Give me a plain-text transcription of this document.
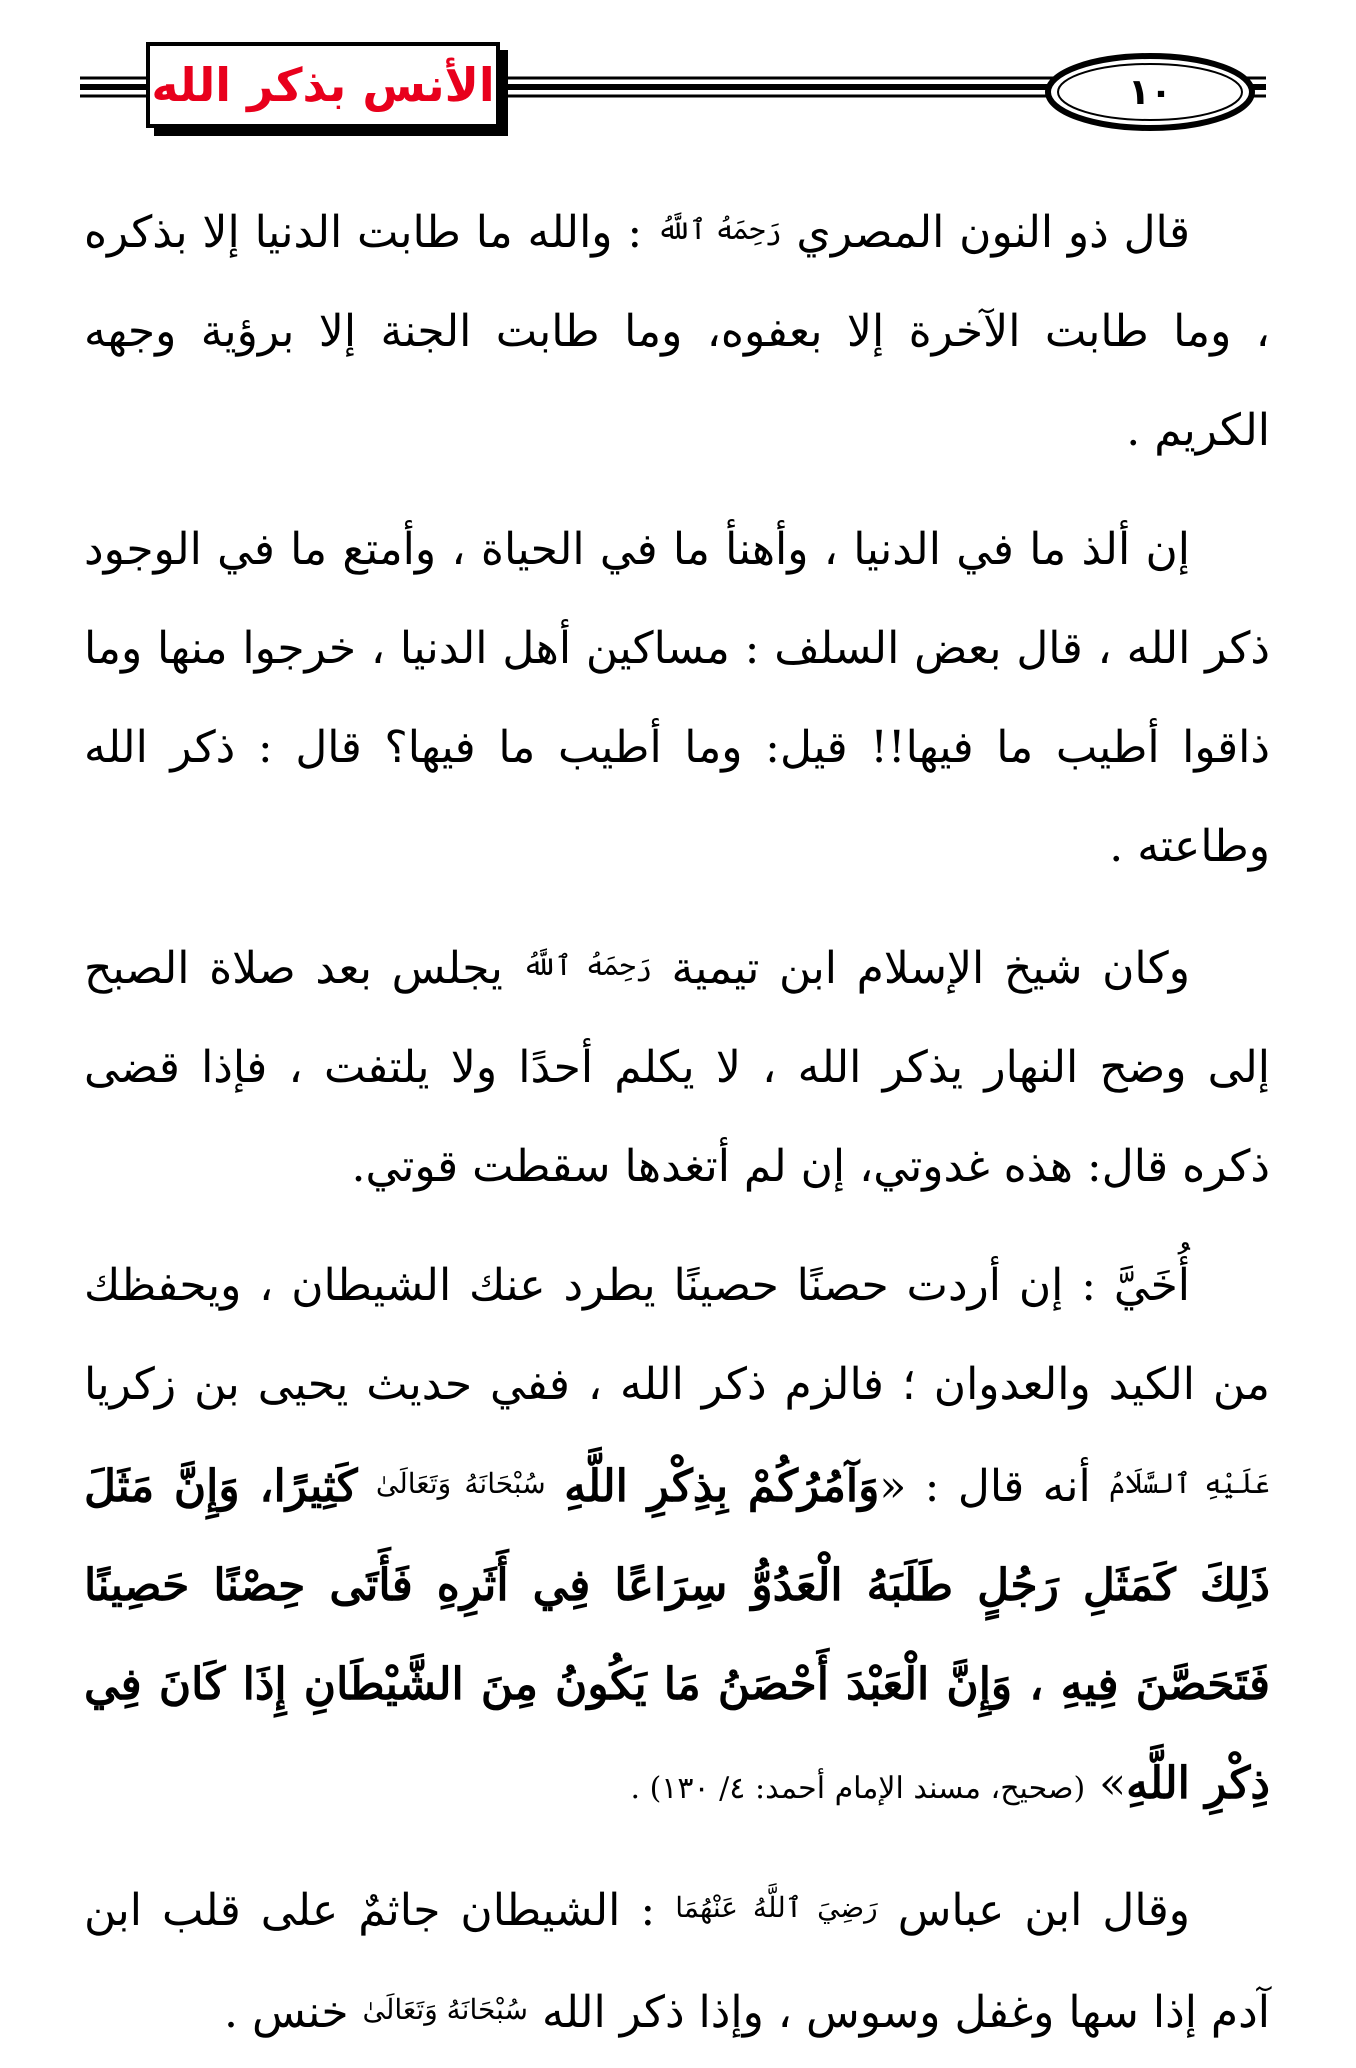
الأنس بذكر الله	١٠

قال ذو النون المصري رَحِمَهُ ٱللَّهُ : والله ما طابت الدنيا إلا بذكره ، وما طابت الآخرة إلا بعفوه، وما طابت الجنة إلا برؤية وجهه الكريم .

إن ألذ ما في الدنيا ، وأهنأ ما في الحياة ، وأمتع ما في الوجود ذكر الله ، قال بعض السلف : مساكين أهل الدنيا ، خرجوا منها وما ذاقوا أطيب ما فيها!! قيل: وما أطيب ما فيها؟ قال : ذكر الله وطاعته .

وكان شيخ الإسلام ابن تيمية رَحِمَهُ ٱللَّهُ يجلس بعد صلاة الصبح إلى وضح النهار يذكر الله ، لا يكلم أحدًا ولا يلتفت ، فإذا قضى ذكره قال: هذه غدوتي، إن لم أتغدها سقطت قوتي.

أُخَيَّ : إن أردت حصنًا حصينًا يطرد عنك الشيطان ، ويحفظك من الكيد والعدوان ؛ فالزم ذكر الله ، ففي حديث يحيى بن زكريا عَلَيْهِ ٱلسَّلَامُ أنه قال : «وَآمُرُكُمْ بِذِكْرِ اللَّهِ سُبْحَانَهُ وَتَعَالَىٰ كَثِيرًا، وَإِنَّ مَثَلَ ذَلِكَ كَمَثَلِ رَجُلٍ طَلَبَهُ الْعَدُوُّ سِرَاعًا فِي أَثَرِهِ فَأَتَى حِصْنًا حَصِينًا فَتَحَصَّنَ فِيهِ ، وَإِنَّ الْعَبْدَ أَحْصَنُ مَا يَكُونُ مِنَ الشَّيْطَانِ إِذَا كَانَ فِي ذِكْرِ اللَّهِ» (صحيح، مسند الإمام أحمد: ٤/ ١٣٠) .

وقال ابن عباس رَضِيَ ٱللَّهُ عَنْهُمَا : الشيطان جاثمٌ على قلب ابن آدم إذا سها وغفل وسوس ، وإذا ذكر الله سُبْحَانَهُ وَتَعَالَىٰ خنس .
